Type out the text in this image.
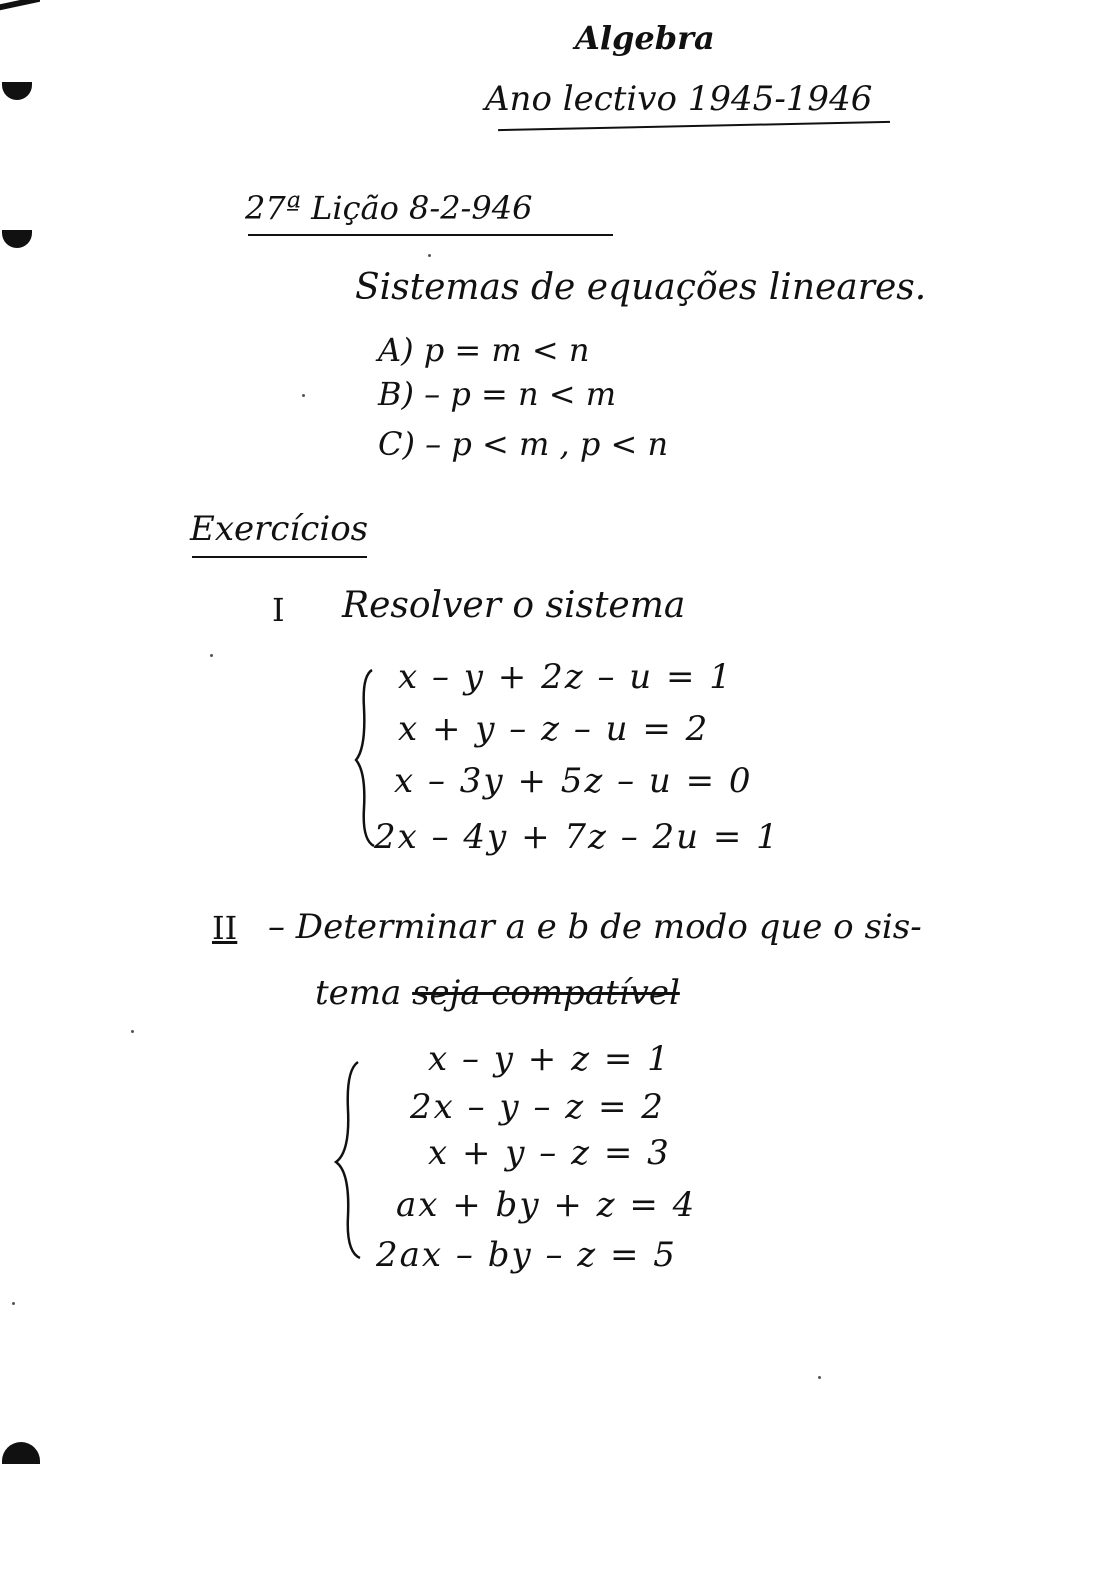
Algebra
Ano lectivo 1945-1946
27ª Lição 8-2-946
Sistemas de equações lineares.
A) p = m < n
B) – p = n < m
C) – p < m , p < n
Exercícios
I Resolver o sistema
x – y + 2z – u = 1
x + y – z – u = 2
x – 3y + 5z – u = 0
2x – 4y + 7z – 2u = 1
II – Determinar a e b de modo que o sis-
tema seja compatível
x – y + z = 1
2x – y – z = 2
x + y – z = 3
ax + by + z = 4
2ax – by – z = 5
